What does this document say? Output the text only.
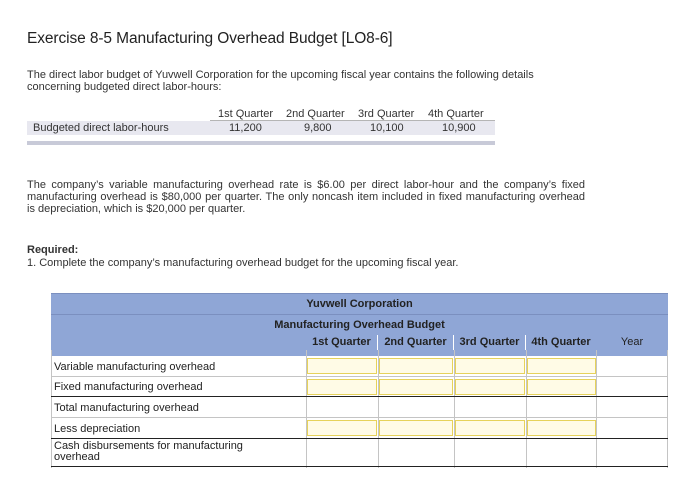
Exercise 8-5 Manufacturing Overhead Budget [LO8-6]
The direct labor budget of Yuvwell Corporation for the upcoming fiscal year contains the following details concerning budgeted direct labor-hours:
1st Quarter 2nd Quarter 3rd Quarter 4th Quarter
Budgeted direct labor-hours	11,200	9,800	10,100	10,900
The company’s variable manufacturing overhead rate is $6.00 per direct labor-hour and the company’s fixed manufacturing overhead is $80,000 per quarter. The only noncash item included in fixed manufacturing overhead is depreciation, which is $20,000 per quarter.
Required:
1. Complete the company’s manufacturing overhead budget for the upcoming fiscal year.
Yuvwell Corporation
Manufacturing Overhead Budget
1st Quarter	2nd Quarter	3rd Quarter	4th Quarter	Year
Variable manufacturing overhead
Fixed manufacturing overhead
Total manufacturing overhead
Less depreciation
Cash disbursements for manufacturing overhead
